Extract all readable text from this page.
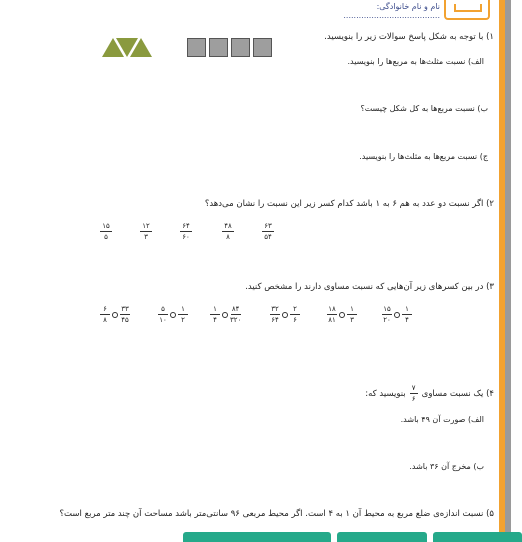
نام و نام خانوادگی: ......................................
۱) با توجه به شکل پاسخ سوالات زیر را بنویسید.
الف) نسبت مثلث‌ها به مربع‌ها را بنویسید.
ب) نسبت مربع‌ها به کل شکل چیست؟
ج) نسبت مربع‌ها به مثلث‌ها را بنویسید.
۲) اگر نسبت دو عدد به هم ۶ به ۱ باشد کدام کسر زیر این نسبت را نشان می‌دهد؟
۶۳
۵۴
۴۸
۸
۶۴
۶۰
۱۲
۳
۱۵
۵
۳) در بین کسرهای زیر آن‌هایی که نسبت مساوی دارند را مشخص کنید.
۱۵
۲۰
۱
۴
۱۸
۸۱
۱
۳
۳۲
۶۴
۲
۶
۱
۴
۸۴
۳۲۰
۵
۱۰
۱
۲
۶
۸
۳۳
۴۵
۴) یک نسبت مساوی
۷
۶
بنویسید که:
الف) صورت آن ۴۹ باشد.
ب) مخرج آن ۳۶ باشد.
۵) نسبت اندازه‌ی ضلع مربع به محیط آن ۱ به ۴ است. اگر محیط مربعی ۹۶ سانتی‌متر باشد مساحت آن چند متر مربع است؟
